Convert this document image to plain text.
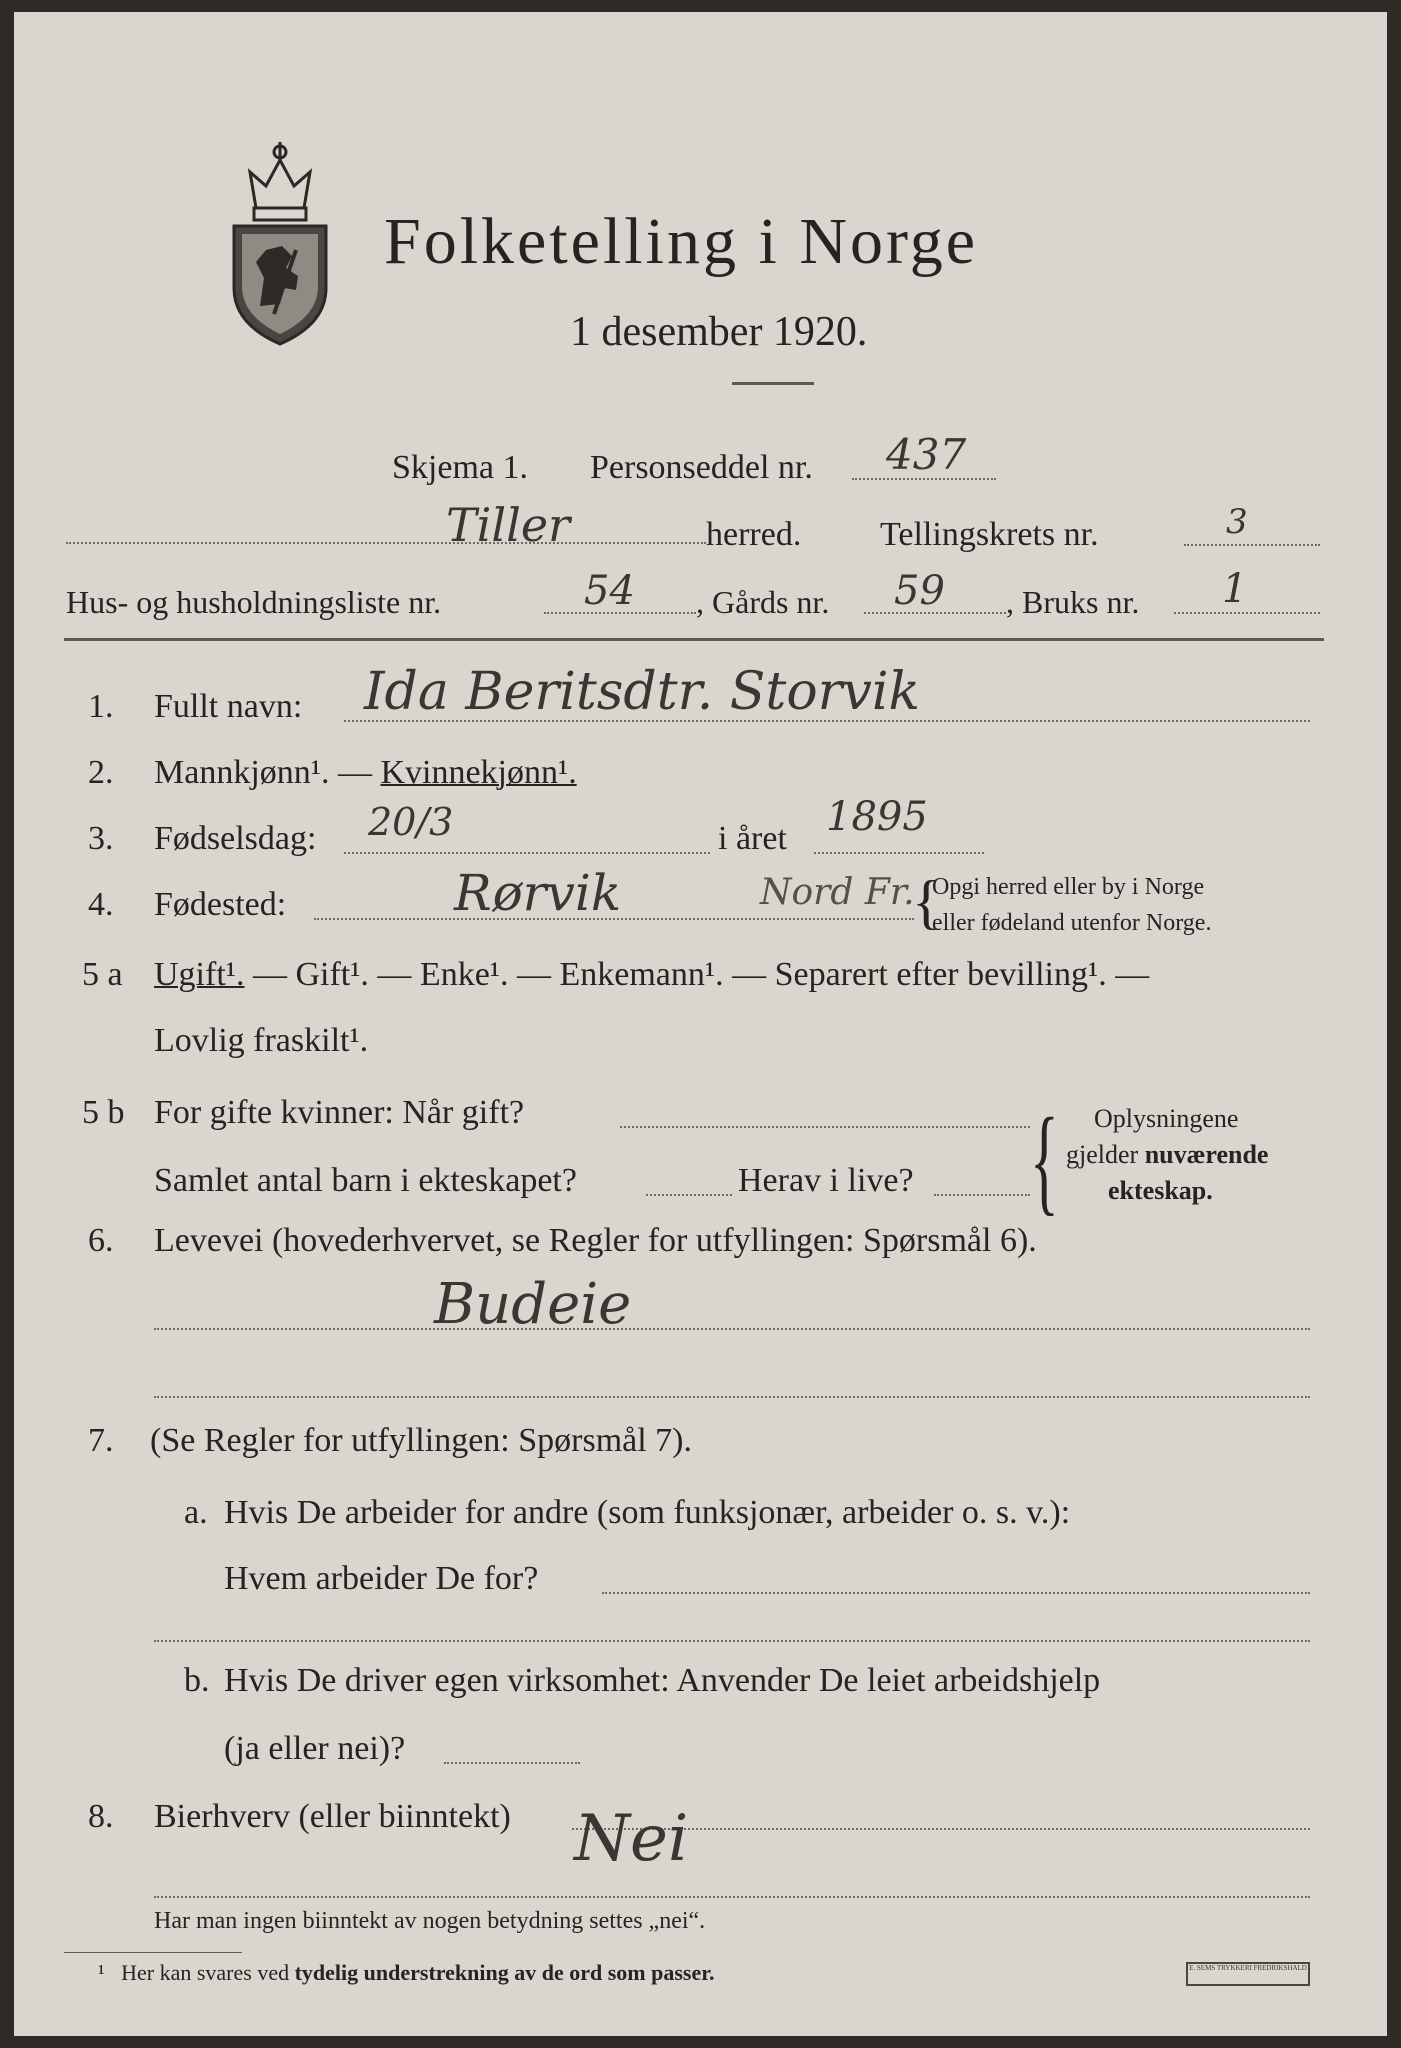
Folketelling i Norge
1 desember 1920.
Skjema 1. Personseddel nr. 437
Tiller	herred. Tellingskrets nr.	3
Hus- og husholdningsliste nr.	54 , Gårds nr. 59 , Bruks nr. 1
1. Fullt navn: Ida Beritsdtr. Storvik
2. Mannkjønn¹. — Kvinnekjønn¹.
3. Fødselsdag: 20/3	i året 1895
4. Fødested:	Rørvik	Nord Fr.
{
Opgi herred eller by i Norge
eller fødeland utenfor Norge.
5 a Ugift¹. — Gift¹. — Enke¹. — Enkemann¹. — Separert efter bevilling¹. —
Lovlig fraskilt¹.
5 b For gifte kvinner: Når gift?
Samlet antal barn i ekteskapet?	Herav i live? { Oplysningene
gjelder nuværende
ekteskap.
6. Levevei (hovederhvervet, se Regler for utfyllingen: Spørsmål 6).
Budeie
7. (Se Regler for utfyllingen: Spørsmål 7).
a. Hvis De arbeider for andre (som funksjonær, arbeider o. s. v.):
Hvem arbeider De for?
b. Hvis De driver egen virksomhet: Anvender De leiet arbeidshjelp
(ja eller nei)?
8. Bierhverv (eller biinntekt) Nei
Har man ingen biinntekt av nogen betydning settes „nei“.
¹ Her kan svares ved tydelig understrekning av de ord som passer.	E. SEMS TRYKKERI FREDRIKSHALD
